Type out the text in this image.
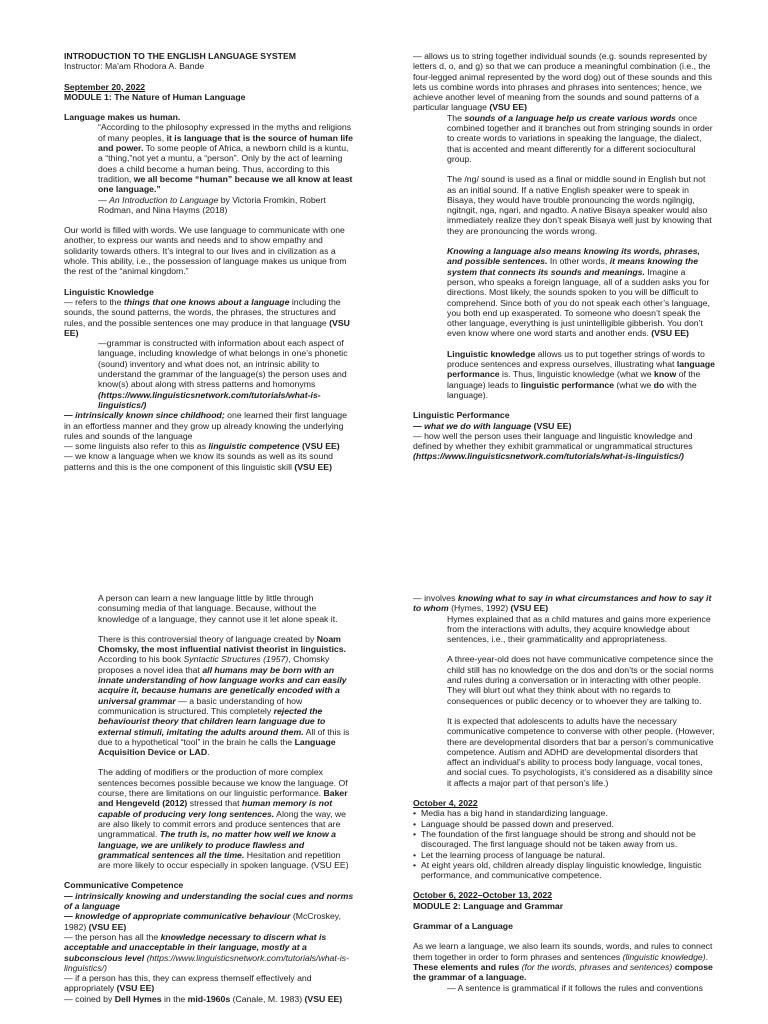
INTRODUCTION TO THE ENGLISH LANGUAGE SYSTEM

Instructor: Ma'am Rhodora A. Bande

September 20, 2022

MODULE 1: The Nature of Human Language

Language makes us human.

“According to the philosophy expressed in the myths and religions of many peoples, it is language that is the source of human life and power. To some people of Africa, a newborn child is a kuntu, a “thing,”not yet a muntu, a “person”. Only by the act of learning does a child become a human being. Thus, according to this tradition, we all become “human” because we all know at least one language.”

— An Introduction to Language by Victoria Fromkin, Robert Rodman, and Nina Hayms (2018)

Our world is filled with words. We use language to communicate with one another, to express our wants and needs and to show empathy and solidarity towards others. It’s integral to our lives and in civilization as a whole. This ability, i.e., the possession of language makes us unique from the rest of the “animal kingdom.”

Linguistic Knowledge

— refers to the things that one knows about a language including the sounds, the sound patterns, the words, the phrases, the structures and rules, and the possible sentences one may produce in that language (VSU EE)

—grammar is constructed with information about each aspect of language, including knowledge of what belongs in one’s phonetic (sound) inventory and what does not, an intrinsic ability to understand the grammar of the language(s) the person uses and know(s) about along with stress patterns and homonyms (https://www.linguisticsnetwork.com/tutorials/what-is-linguistics/)

— intrinsically known since childhood; one learned their first language in an effortless manner and they grow up already knowing the underlying rules and sounds of the language

— some linguists also refer to this as linguistic competence (VSU EE)

— we know a language when we know its sounds as well as its sound patterns and this is the one component of this linguistic skill (VSU EE)

— allows us to string together individual sounds (e.g. sounds represented by letters d, o, and g) so that we can produce a meaningful combination (i.e., the four-legged animal represented by the word dog) out of these sounds and this lets us combine words into phrases and phrases into sentences; hence, we achieve another level of meaning from the sounds and sound patterns of a particular language (VSU EE)

The sounds of a language help us create various words once combined together and it branches out from stringing sounds in order to create words to variations in speaking the language, the dialect, that is accented and meant differently for a different sociocultural group.

The /ng/ sound is used as a final or middle sound in English but not as an initial sound. If a native English speaker were to speak in Bisaya, they would have trouble pronouncing the words ngilngig, ngitngit, nga, ngari, and ngadto. A native Bisaya speaker would also immediately realize they don’t speak Bisaya well just by knowing that they are pronouncing the words wrong.

Knowing a language also means knowing its words, phrases, and possible sentences. In other words, it means knowing the system that connects its sounds and meanings. Imagine a person, who speaks a foreign language, all of a sudden asks you for directions. Most likely, the sounds spoken to you will be difficult to comprehend. Since both of you do not speak each other’s language, you both end up exasperated. To someone who doesn’t speak the other language, everything is just unintelligible gibberish. You don’t even know where one word starts and another ends. (VSU EE)

Linguistic knowledge allows us to put together strings of words to produce sentences and express ourselves, illustrating what language performance is. Thus, linguistic knowledge (what we know of the language) leads to linguistic performance (what we do with the language).

Linguistic Performance

— what we do with language (VSU EE)

— how well the person uses their language and linguistic knowledge and defined by whether they exhibit grammatical or ungrammatical structures (https://www.linguisticsnetwork.com/tutorials/what-is-linguistics/)

A person can learn a new language little by little through consuming media of that language. Because, without the knowledge of a language, they cannot use it let alone speak it.

There is this controversial theory of language created by Noam Chomsky, the most influential nativist theorist in linguistics. According to his book Syntactic Structures (1957), Chomsky proposes a novel idea that all humans may be born with an innate understanding of how language works and can easily acquire it, because humans are genetically encoded with a universal grammar — a basic understanding of how communication is structured. This completely rejected the behaviourist theory that children learn language due to external stimuli, imitating the adults around them. All of this is due to a hypothetical “tool” in the brain he calls the Language Acquisition Device or LAD.

The adding of modifiers or the production of more complex sentences becomes possible because we know the language. Of course, there are limitations on our linguistic performance. Baker and Hengeveld (2012) stressed that human memory is not capable of producing very long sentences. Along the way, we are also likely to commit errors and produce sentences that are ungrammatical. The truth is, no matter how well we know a language, we are unlikely to produce flawless and grammatical sentences all the time. Hesitation and repetition are more likely to occur especially in spoken language. (VSU EE)

Communicative Competence

— intrinsically knowing and understanding the social cues and norms of a language

— knowledge of appropriate communicative behaviour (McCroskey, 1982) (VSU EE)

— the person has all the knowledge necessary to discern what is acceptable and unacceptable in their language, mostly at a subconscious level (https://www.linguisticsnetwork.com/tutorials/what-is-linguistics/)

— if a person has this, they can express themself effectively and appropriately (VSU EE)

— coined by Dell Hymes in the mid-1960s (Canale, M. 1983) (VSU EE)

— involves knowing what to say in what circumstances and how to say it to whom (Hymes, 1992) (VSU EE)

Hymes explained that as a child matures and gains more experience from the interactions with adults, they acquire knowledge about sentences, i.e., their grammaticality and appropriateness.

A three-year-old does not have communicative competence since the child still has no knowledge on the dos and don’ts or the social norms and rules during a conversation or in interacting with other people. They will blurt out what they think about with no regards to consequences or public decency or to whoever they are talking to.

It is expected that adolescents to adults have the necessary communicative competence to converse with other people. (However, there are developmental disorders that bar a person’s communicative competence. Autism and ADHD are developmental disorders that affect an individual’s ability to process body language, vocal tones, and social cues. To psychologists, it’s considered as a disability since it affects a major part of that person’s life.)

October 4, 2022

• Media has a big hand in standardizing language.
• Language should be passed down and preserved.
• The foundation of the first language should be strong and should not be discouraged. The first language should not be taken away from us.
• Let the learning process of language be natural.
• At eight years old, children already display linguistic knowledge, linguistic performance, and communicative competence.

October 6, 2022–October 13, 2022

MODULE 2: Language and Grammar

Grammar of a Language

As we learn a language, we also learn its sounds, words, and rules to connect them together in order to form phrases and sentences (linguistic knowledge). These elements and rules (for the words, phrases and sentences) compose the grammar of a language.

— A sentence is grammatical if it follows the rules and conventions
